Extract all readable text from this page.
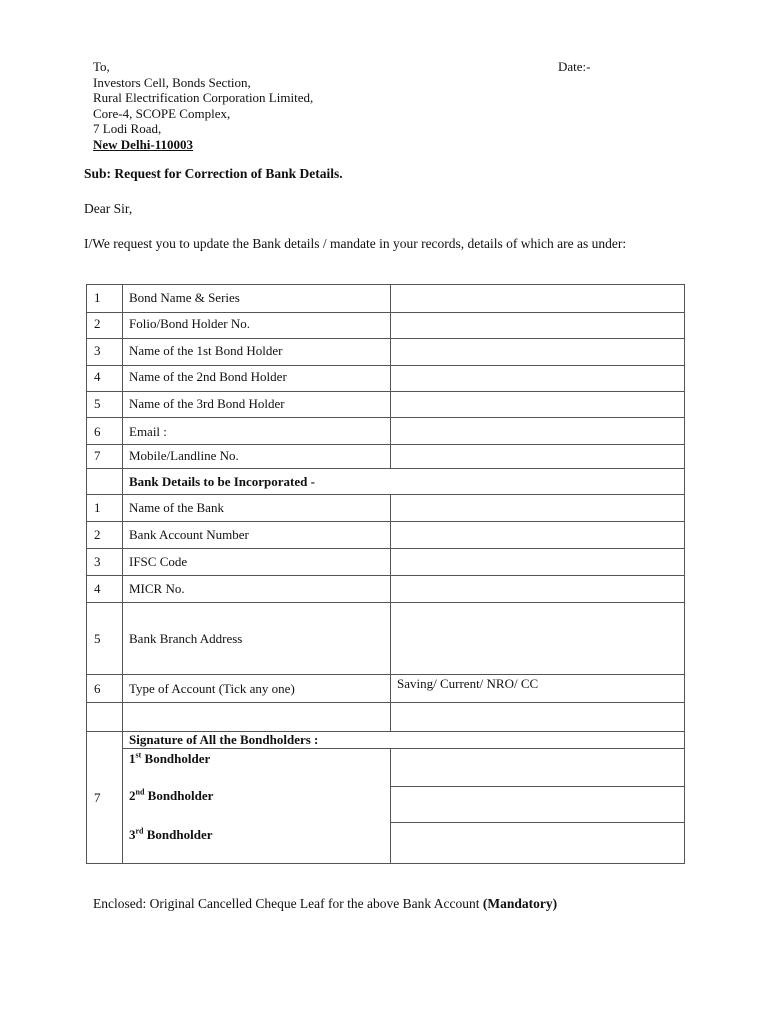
To,
Investors Cell, Bonds Section,
Rural Electrification Corporation Limited,
Core-4, SCOPE Complex,
7 Lodi Road,
New Delhi-110003
Date:-
Sub: Request for Correction of Bank Details.
Dear Sir,
I/We request you to update the Bank details / mandate in your records, details of which are as under:
1 Bond Name & Series
2 Folio/Bond Holder No.
3 Name of the 1st Bond Holder
4 Name of the 2nd Bond Holder
5 Name of the 3rd Bond Holder
6 Email :
7 Mobile/Landline No.
Bank Details to be Incorporated -
1 Name of the Bank
2 Bank Account Number
3 IFSC Code
4 MICR No.
5 Bank Branch Address
6 Type of Account (Tick any one)	Saving/ Current/ NRO/ CC
7
Signature of All the Bondholders :
1st Bondholder
2nd Bondholder
3rd Bondholder
Enclosed: Original Cancelled Cheque Leaf for the above Bank Account (Mandatory)
